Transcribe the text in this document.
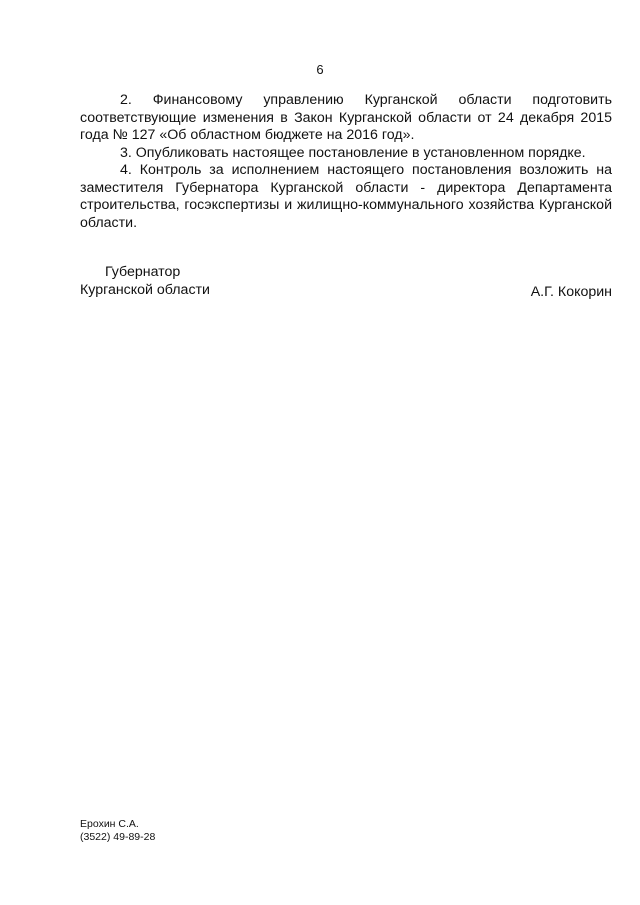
6

2. Финансовому управлению Курганской области подготовить соответствующие изменения в Закон Курганской области от 24 декабря 2015 года № 127 «Об областном бюджете на 2016 год».

3. Опубликовать настоящее постановление в установленном порядке.

4. Контроль за исполнением настоящего постановления возложить на заместителя Губернатора Курганской области - директора Департамента строительства, госэкспертизы и жилищно-коммунального хозяйства Курганской области.

Губернатор
Курганской области	А.Г. Кокорин
Ерохин С.А.
(3522) 49-89-28
